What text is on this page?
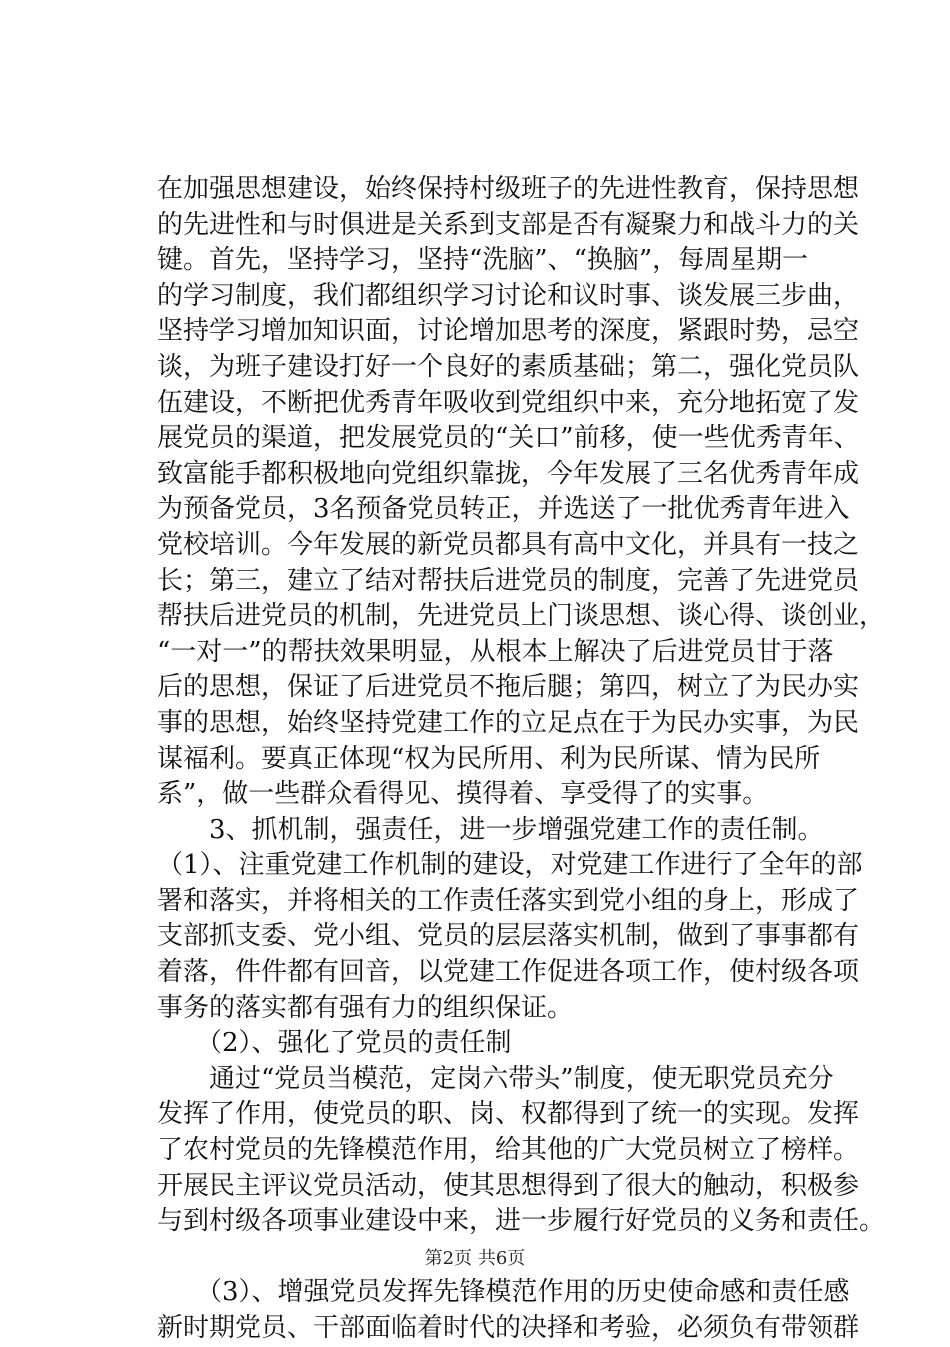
在加强思想建设，始终保持村级班子的先进性教育，保持思想
的先进性和与时俱进是关系到支部是否有凝聚力和战斗力的关
键。首先，坚持学习，坚持“洗脑”、“换脑”，每周星期一
的学习制度，我们都组织学习讨论和议时事、谈发展三步曲，
坚持学习增加知识面，讨论增加思考的深度，紧跟时势，忌空
谈，为班子建设打好一个良好的素质基础；第二，强化党员队
伍建设，不断把优秀青年吸收到党组织中来，充分地拓宽了发
展党员的渠道，把发展党员的“关口”前移，使一些优秀青年、
致富能手都积极地向党组织靠拢，今年发展了三名优秀青年成
为预备党员，3名预备党员转正，并选送了一批优秀青年进入
党校培训。今年发展的新党员都具有高中文化，并具有一技之
长；第三，建立了结对帮扶后进党员的制度，完善了先进党员
帮扶后进党员的机制，先进党员上门谈思想、谈心得、谈创业，
“一对一”的帮扶效果明显，从根本上解决了后进党员甘于落
后的思想，保证了后进党员不拖后腿；第四，树立了为民办实
事的思想，始终坚持党建工作的立足点在于为民办实事，为民
谋福利。要真正体现“权为民所用、利为民所谋、情为民所
系”，做一些群众看得见、摸得着、享受得了的实事。
　　3、抓机制，强责任，进一步增强党建工作的责任制。
（1）、注重党建工作机制的建设，对党建工作进行了全年的部
署和落实，并将相关的工作责任落实到党小组的身上，形成了
支部抓支委、党小组、党员的层层落实机制，做到了事事都有
着落，件件都有回音，以党建工作促进各项工作，使村级各项
事务的落实都有强有力的组织保证。
　　（2）、强化了党员的责任制
　　通过“党员当模范，定岗六带头”制度，使无职党员充分
发挥了作用，使党员的职、岗、权都得到了统一的实现。发挥
了农村党员的先锋模范作用，给其他的广大党员树立了榜样。
开展民主评议党员活动，使其思想得到了很大的触动，积极参
与到村级各项事业建设中来，进一步履行好党员的义务和责任。
　　（3）、增强党员发挥先锋模范作用的历史使命感和责任感
新时期党员、干部面临着时代的决择和考验，必须负有带领群
第2页 共6页
